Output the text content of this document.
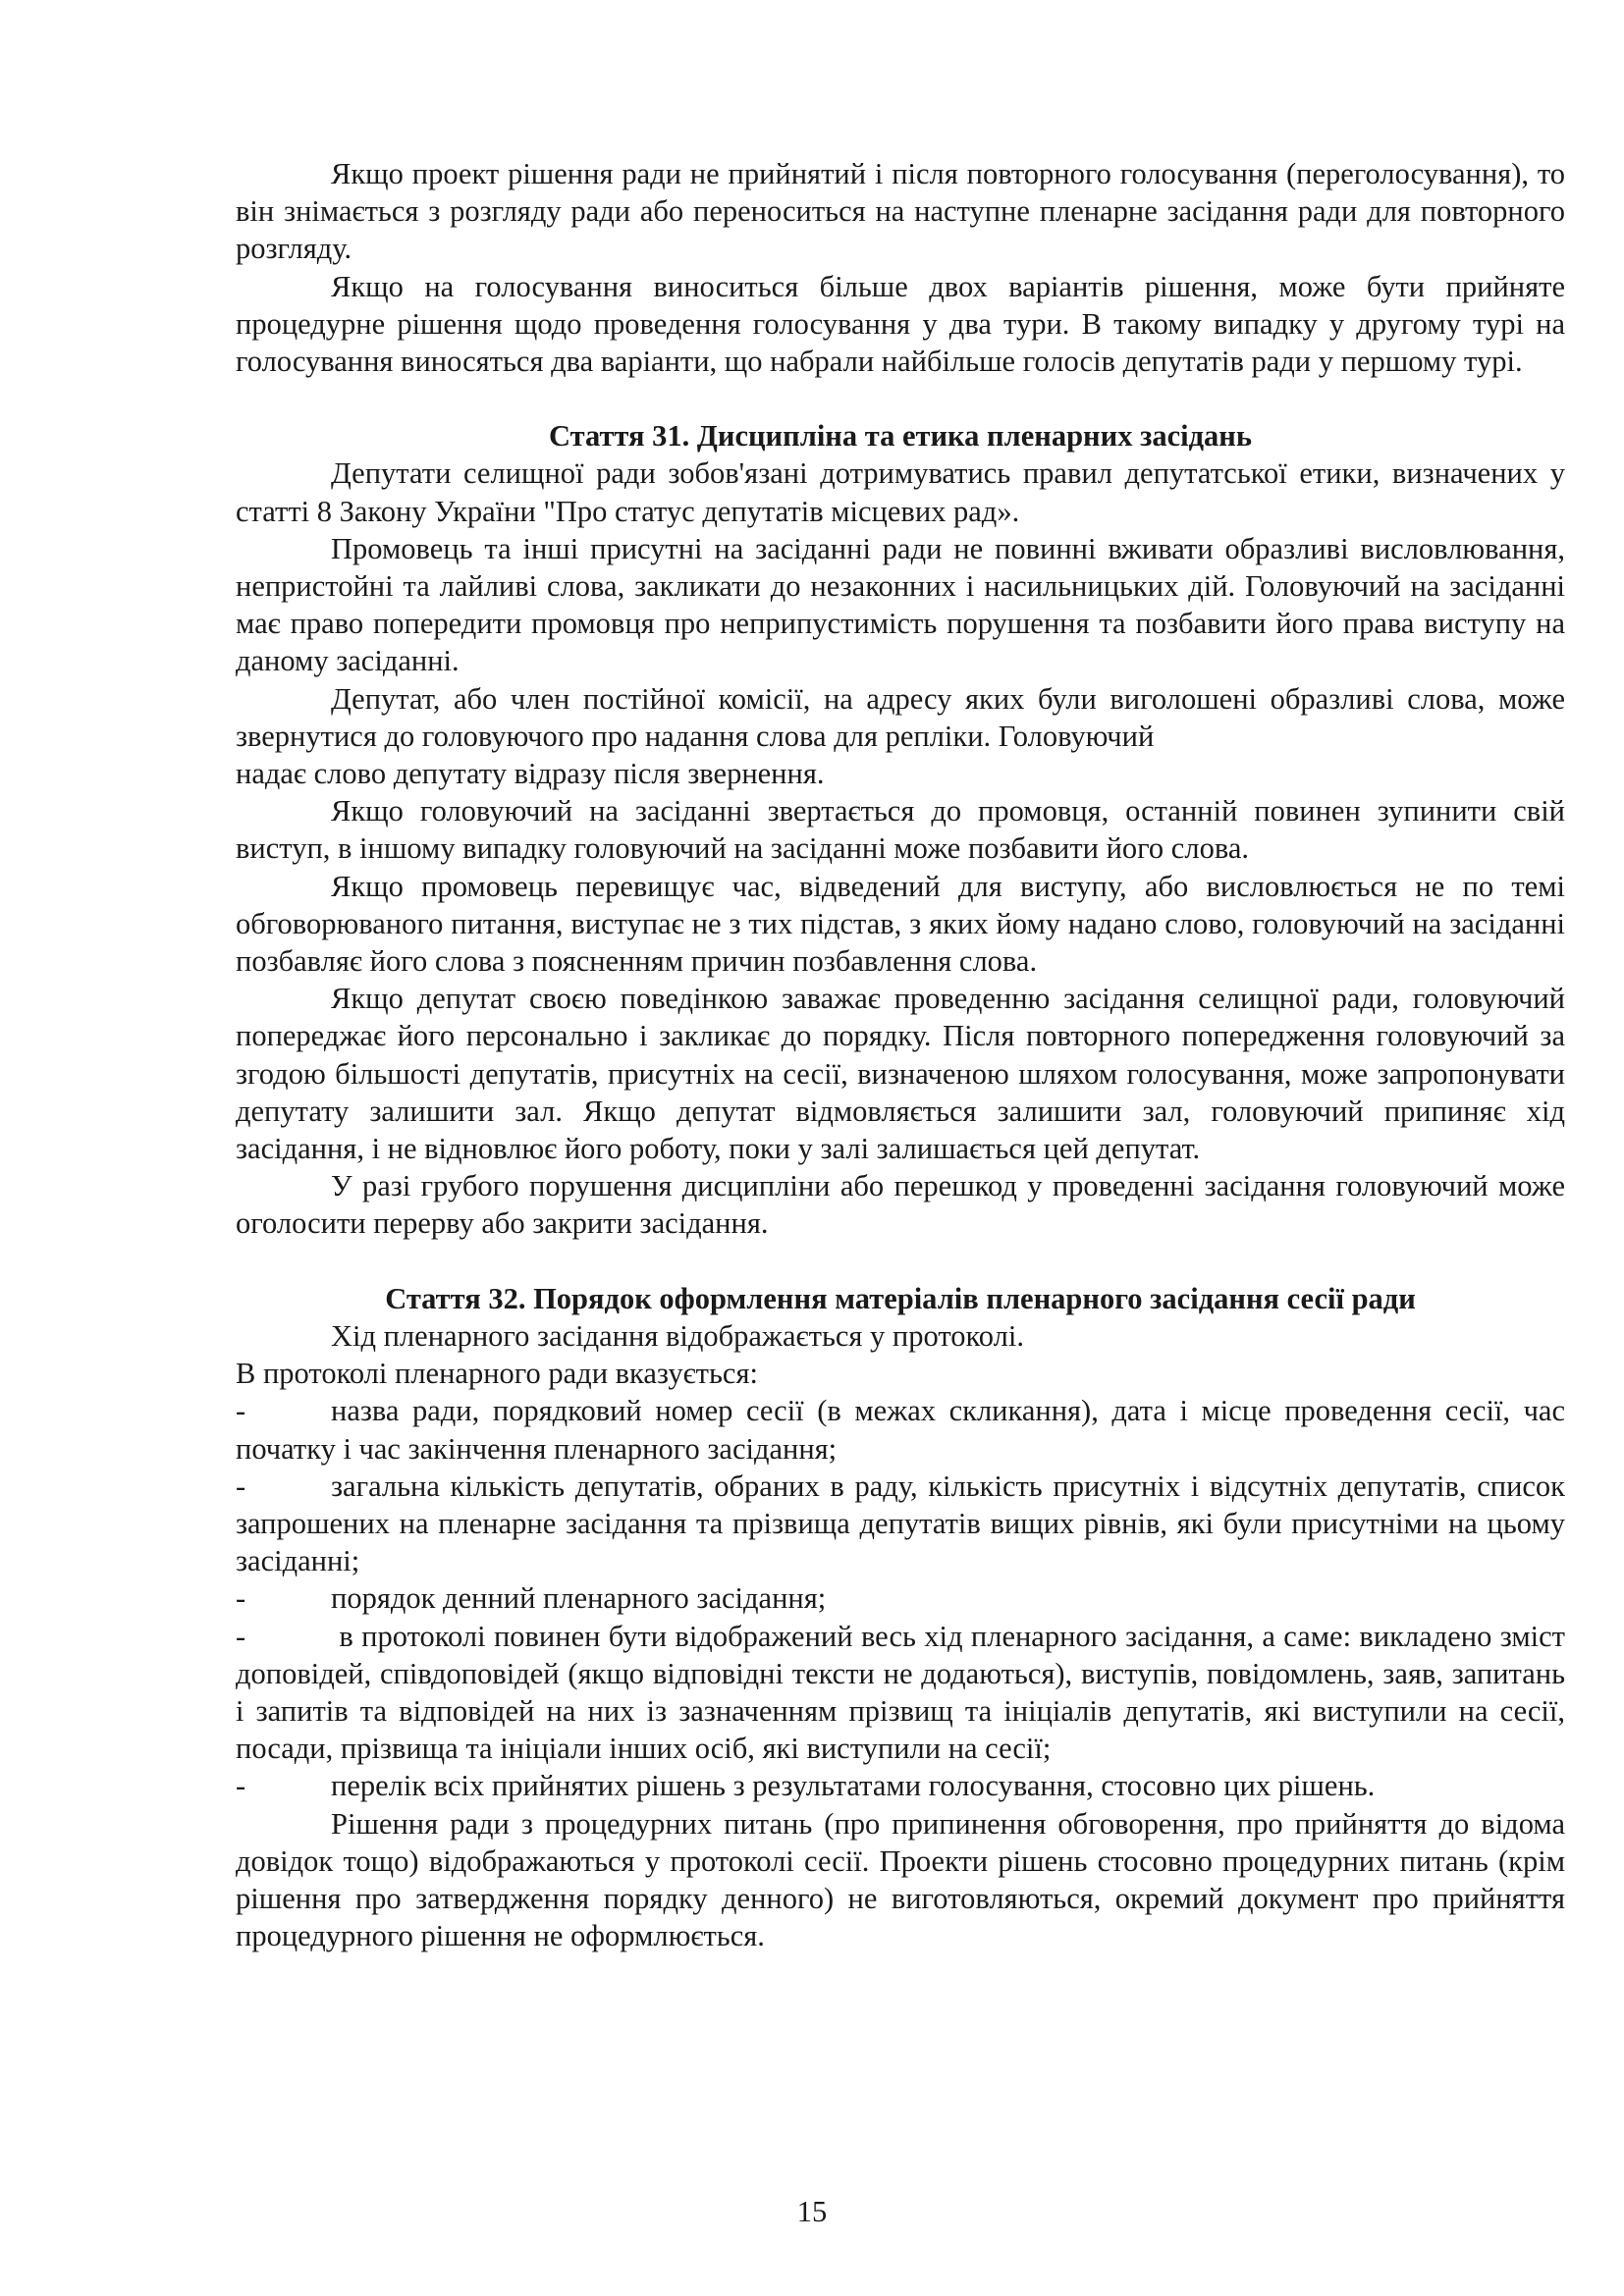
Якщо проект рішення ради не прийнятий і після повторного голосування (переголосування), то він знімається з розгляду ради або переноситься на наступне пленарне засідання ради для повторного розгляду.

Якщо на голосування виноситься більше двох варіантів рішення, може бути прийняте процедурне рішення щодо проведення голосування у два тури. В такому випадку у другому турі на голосування виносяться два варіанти, що набрали найбільше голосів депутатів ради у першому турі.

Стаття 31. Дисципліна та етика пленарних засідань

Депутати селищної ради зобов'язані дотримуватись правил депутатської етики, визначених у статті 8 Закону України "Про статус депутатів місцевих рад».

Промовець та інші присутні на засіданні ради не повинні вживати образливі висловлювання, непристойні та лайливі слова, закликати до незаконних і насильницьких дій. Головуючий на засіданні має право попередити промовця про неприпустимість порушення та позбавити його права виступу на даному засіданні.

Депутат, або член постійної комісії, на адресу яких були виголошені образливі слова, може звернутися до головуючого про надання слова для репліки. Головуючий

надає слово депутату відразу після звернення.

Якщо головуючий на засіданні звертається до промовця, останній повинен зупинити свій виступ, в іншому випадку головуючий на засіданні може позбавити його слова.

Якщо промовець перевищує час, відведений для виступу, або висловлюється не по темі обговорюваного питання, виступає не з тих підстав, з яких йому надано слово, головуючий на засіданні позбавляє його слова з поясненням причин позбавлення слова.

Якщо депутат своєю поведінкою заважає проведенню засідання селищної ради, головуючий попереджає його персонально і закликає до порядку. Після повторного попередження головуючий за згодою більшості депутатів, присутніх на сесії, визначеною шляхом голосування, може запропонувати депутату залишити зал. Якщо депутат відмовляється залишити зал, головуючий припиняє хід засідання, і не відновлює його роботу, поки у залі залишається цей депутат.

У разі грубого порушення дисципліни або перешкод у проведенні засідання головуючий може оголосити перерву або закрити засідання.

Стаття 32. Порядок оформлення матеріалів пленарного засідання сесії ради

Хід пленарного засідання відображається у протоколі.

В протоколі пленарного ради вказується:

-	назва ради, порядковий номер сесії (в межах скликання), дата і місце проведення сесії, час початку і час закінчення пленарного засідання;

-	загальна кількість депутатів, обраних в раду, кількість присутніх і відсутніх депутатів, список запрошених на пленарне засідання та прізвища депутатів вищих рівнів, які були присутніми на цьому засіданні;

-	порядок денний пленарного засідання;

-	в протоколі повинен бути відображений весь хід пленарного засідання, а саме: викладено зміст доповідей, співдоповідей (якщо відповідні тексти не додаються), виступів, повідомлень, заяв, запитань і запитів та відповідей на них із зазначенням прізвищ та ініціалів депутатів, які виступили на сесії, посади, прізвища та ініціали інших осіб, які виступили на сесії;

-	перелік всіх прийнятих рішень з результатами голосування, стосовно цих рішень.

Рішення ради з процедурних питань (про припинення обговорення, про прийняття до відома довідок тощо) відображаються у протоколі сесії. Проекти рішень стосовно процедурних питань (крім рішення про затвердження порядку денного) не виготовляються, окремий документ про прийняття процедурного рішення не оформлюється.

15
